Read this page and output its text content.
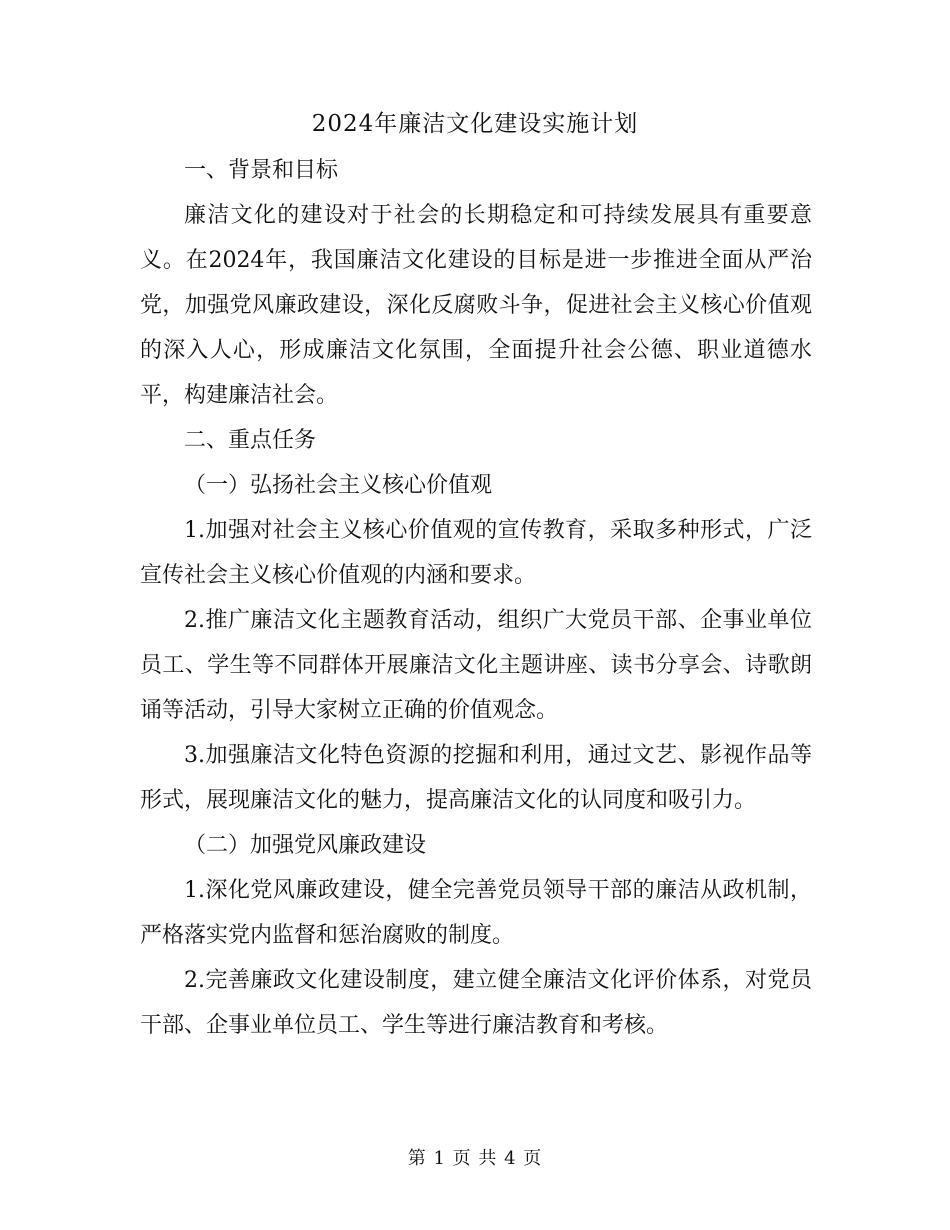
2024年廉洁文化建设实施计划

一、背景和目标

廉洁文化的建设对于社会的长期稳定和可持续发展具有重要意义。在2024年，我国廉洁文化建设的目标是进一步推进全面从严治党，加强党风廉政建设，深化反腐败斗争，促进社会主义核心价值观的深入人心，形成廉洁文化氛围，全面提升社会公德、职业道德水平，构建廉洁社会。

二、重点任务

（一）弘扬社会主义核心价值观

1.加强对社会主义核心价值观的宣传教育，采取多种形式，广泛宣传社会主义核心价值观的内涵和要求。

2.推广廉洁文化主题教育活动，组织广大党员干部、企事业单位员工、学生等不同群体开展廉洁文化主题讲座、读书分享会、诗歌朗诵等活动，引导大家树立正确的价值观念。

3.加强廉洁文化特色资源的挖掘和利用，通过文艺、影视作品等形式，展现廉洁文化的魅力，提高廉洁文化的认同度和吸引力。

（二）加强党风廉政建设

1.深化党风廉政建设，健全完善党员领导干部的廉洁从政机制，严格落实党内监督和惩治腐败的制度。

2.完善廉政文化建设制度，建立健全廉洁文化评价体系，对党员干部、企事业单位员工、学生等进行廉洁教育和考核。

第 1 页 共 4 页
